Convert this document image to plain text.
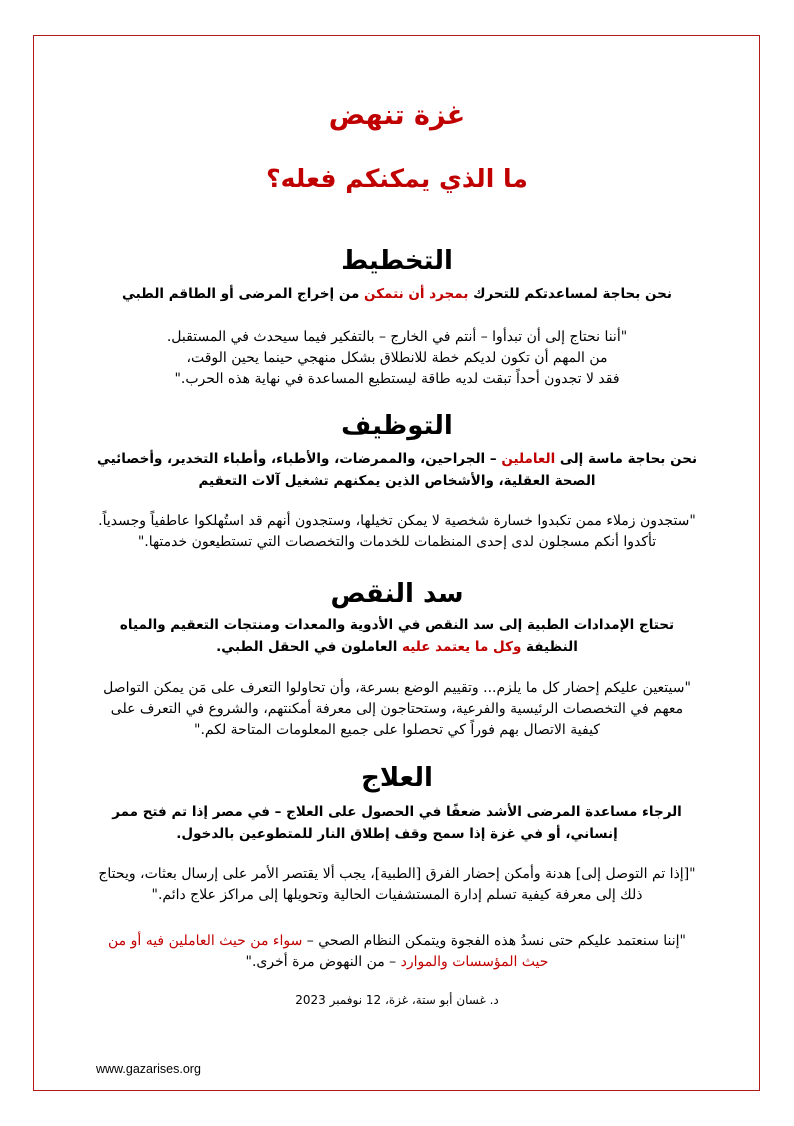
غزة تنهض
ما الذي يمكنكم فعله؟
التخطيط
نحن بحاجة لمساعدتكم للتحرك بمجرد أن نتمكن من إخراج المرضى أو الطاقم الطبي
"أننا نحتاج إلى أن تبدأوا – أنتم في الخارج – بالتفكير فيما سيحدث في المستقبل.
من المهم أن تكون لديكم خطة للانطلاق بشكل منهجي حينما يحين الوقت،
فقد لا تجدون أحداً تبقت لديه طاقة ليستطيع المساعدة في نهاية هذه الحرب."
التوظيف
نحن بحاجة ماسة إلى العاملين – الجراحين، والممرضات، والأطباء، وأطباء التخدير، وأخصائيي الصحة العقلية، والأشخاص الذين يمكنهم تشغيل آلات التعقيم
"ستجدون زملاء ممن تكبدوا خسارة شخصية لا يمكن تخيلها، وستجدون أنهم قد استُهلكوا عاطفياً وجسدياً. تأكدوا أنكم مسجلون لدى إحدى المنظمات للخدمات والتخصصات التي تستطيعون خدمتها."
سد النقص
تحتاج الإمدادات الطبية إلى سد النقص في الأدوية والمعدات ومنتجات التعقيم والمياه النظيفة وكل ما يعتمد عليه العاملون في الحقل الطبي.
"سيتعين عليكم إحضار كل ما يلزم... وتقييم الوضع بسرعة، وأن تحاولوا التعرف على مَن يمكن التواصل معهم في التخصصات الرئيسية والفرعية، وستحتاجون إلى معرفة أمكنتهم، والشروع في التعرف على كيفية الاتصال بهم فوراً كي تحصلوا على جميع المعلومات المتاحة لكم."
العلاج
الرجاء مساعدة المرضى الأشد ضعفًا في الحصول على العلاج – في مصر إذا تم فتح ممر إنساني، أو في غزة إذا سمح وقف إطلاق النار للمتطوعين بالدخول.
"[إذا تم التوصل إلى] هدنة وأمكن إحضار الفرق [الطبية]، يجب ألا يقتصر الأمر على إرسال بعثات، ويحتاج ذلك إلى معرفة كيفية تسلم إدارة المستشفيات الحالية وتحويلها إلى مراكز علاج دائم."
"إننا سنعتمد عليكم حتى نسدُ هذه الفجوة ويتمكن النظام الصحي – سواء من حيث العاملين فيه أو من حيث المؤسسات والموارد – من النهوض مرة أخرى."
د. غسان أبو ستة، غزة، 12 نوفمبر 2023
www.gazarises.org
